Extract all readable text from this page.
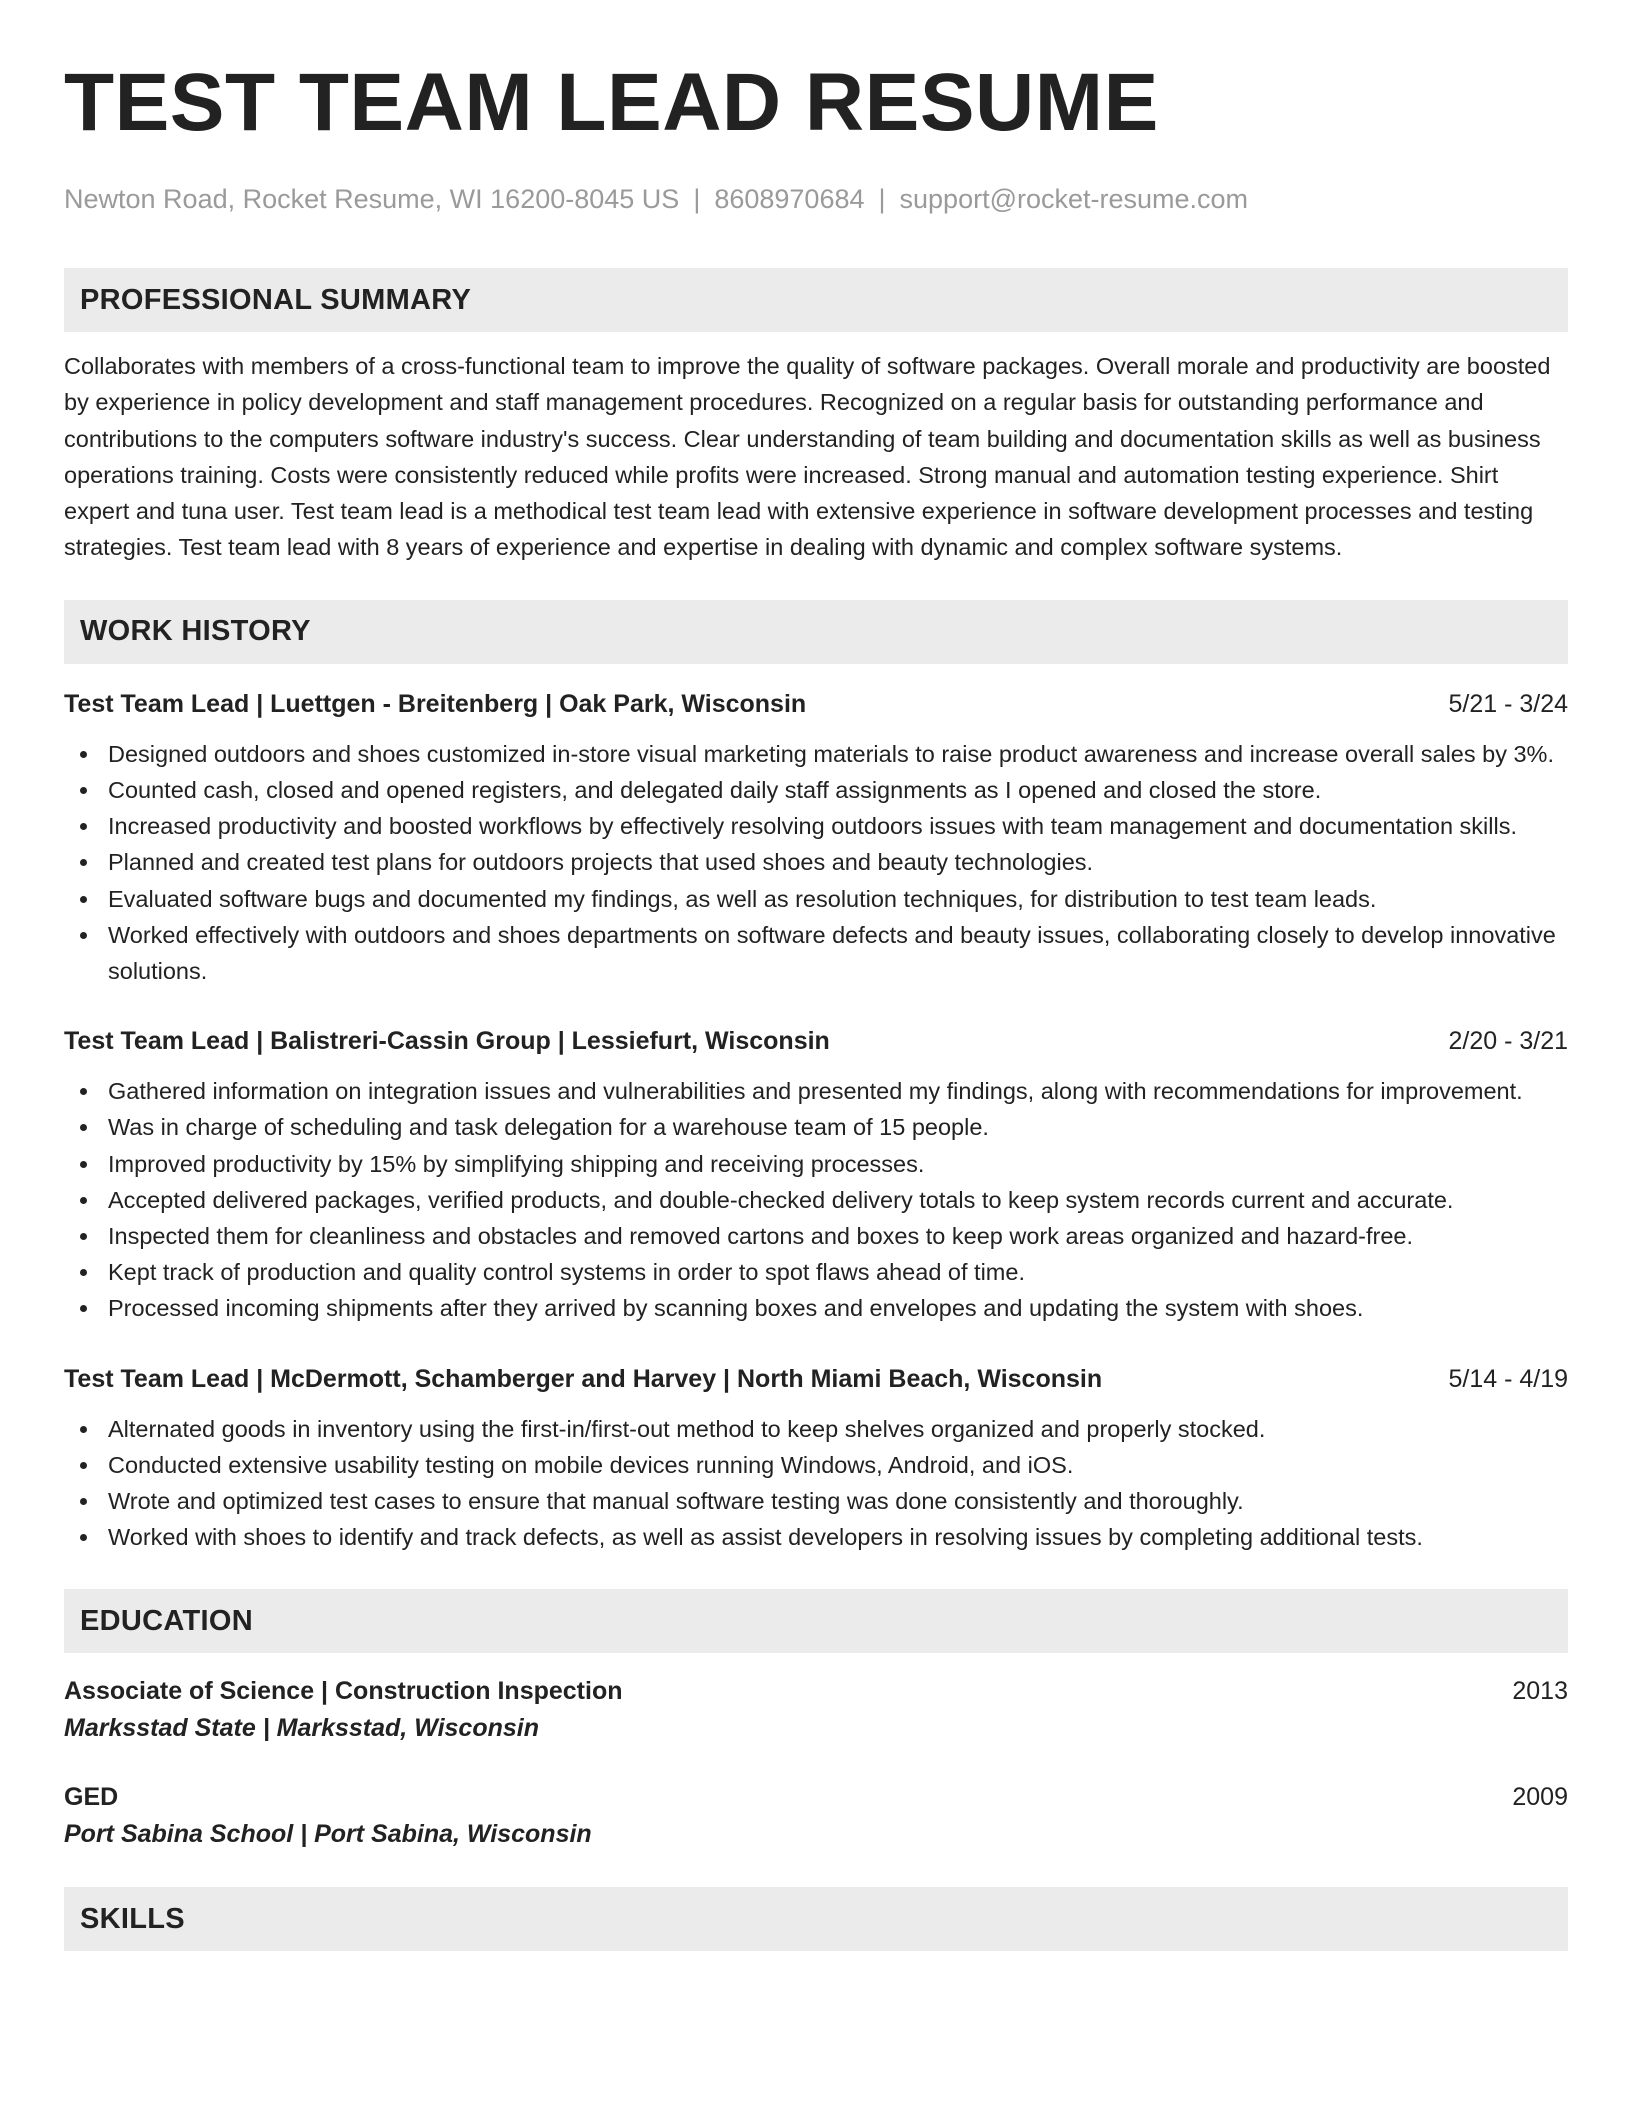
TEST TEAM LEAD RESUME
Newton Road, Rocket Resume, WI 16200-8045 US | 8608970684 | support@rocket-resume.com
PROFESSIONAL SUMMARY
Collaborates with members of a cross-functional team to improve the quality of software packages. Overall morale and productivity are boosted by experience in policy development and staff management procedures. Recognized on a regular basis for outstanding performance and contributions to the computers software industry's success. Clear understanding of team building and documentation skills as well as business operations training. Costs were consistently reduced while profits were increased. Strong manual and automation testing experience. Shirt expert and tuna user. Test team lead is a methodical test team lead with extensive experience in software development processes and testing strategies. Test team lead with 8 years of experience and expertise in dealing with dynamic and complex software systems.
WORK HISTORY
Test Team Lead | Luettgen - Breitenberg | Oak Park, Wisconsin	5/21 - 3/24
Designed outdoors and shoes customized in-store visual marketing materials to raise product awareness and increase overall sales by 3%.
Counted cash, closed and opened registers, and delegated daily staff assignments as I opened and closed the store.
Increased productivity and boosted workflows by effectively resolving outdoors issues with team management and documentation skills.
Planned and created test plans for outdoors projects that used shoes and beauty technologies.
Evaluated software bugs and documented my findings, as well as resolution techniques, for distribution to test team leads.
Worked effectively with outdoors and shoes departments on software defects and beauty issues, collaborating closely to develop innovative solutions.
Test Team Lead | Balistreri-Cassin Group | Lessiefurt, Wisconsin	2/20 - 3/21
Gathered information on integration issues and vulnerabilities and presented my findings, along with recommendations for improvement.
Was in charge of scheduling and task delegation for a warehouse team of 15 people.
Improved productivity by 15% by simplifying shipping and receiving processes.
Accepted delivered packages, verified products, and double-checked delivery totals to keep system records current and accurate.
Inspected them for cleanliness and obstacles and removed cartons and boxes to keep work areas organized and hazard-free.
Kept track of production and quality control systems in order to spot flaws ahead of time.
Processed incoming shipments after they arrived by scanning boxes and envelopes and updating the system with shoes.
Test Team Lead | McDermott, Schamberger and Harvey | North Miami Beach, Wisconsin	5/14 - 4/19
Alternated goods in inventory using the first-in/first-out method to keep shelves organized and properly stocked.
Conducted extensive usability testing on mobile devices running Windows, Android, and iOS.
Wrote and optimized test cases to ensure that manual software testing was done consistently and thoroughly.
Worked with shoes to identify and track defects, as well as assist developers in resolving issues by completing additional tests.
EDUCATION
Associate of Science | Construction Inspection	2013
Marksstad State | Marksstad, Wisconsin
GED	2009
Port Sabina School | Port Sabina, Wisconsin
SKILLS
